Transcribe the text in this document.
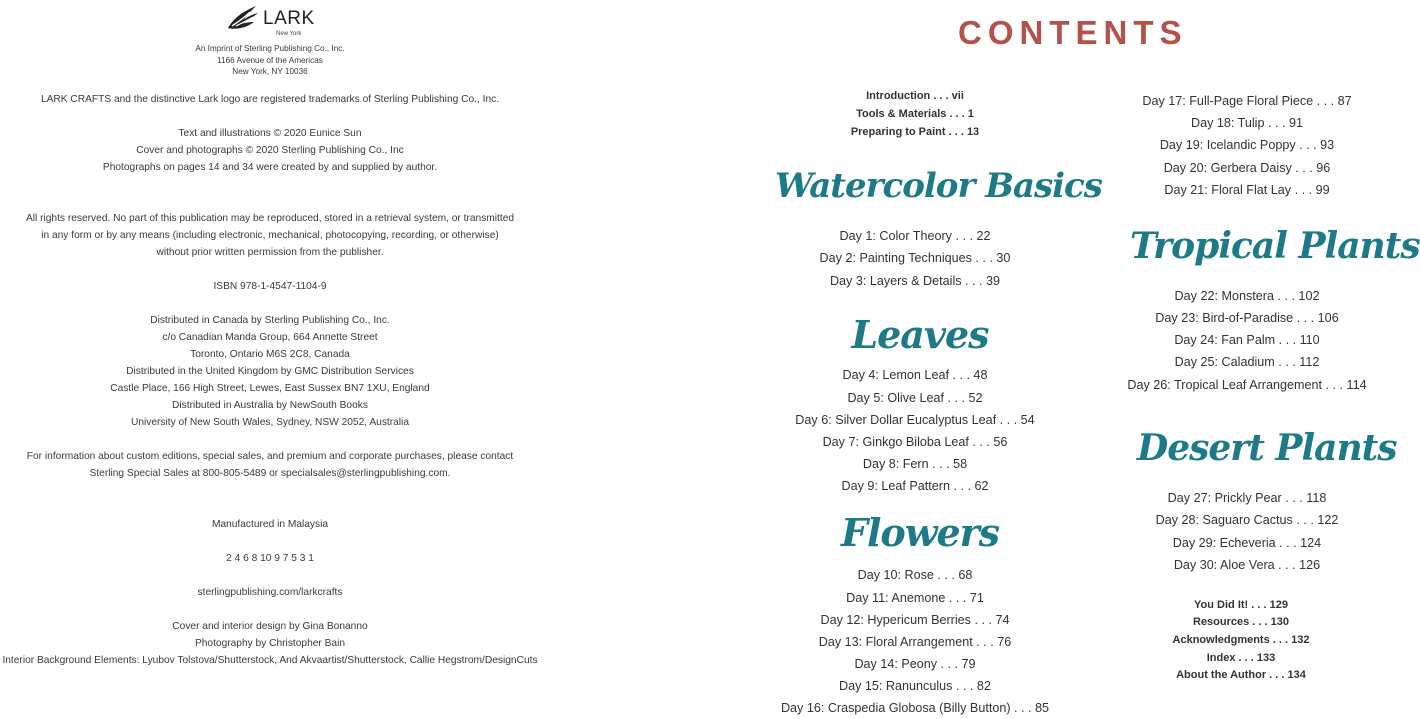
LARK
New York
An Imprint of Sterling Publishing Co., Inc.
1166 Avenue of the Americas
New York, NY 10036
LARK CRAFTS and the distinctive Lark logo are registered trademarks of Sterling Publishing Co., Inc.
Text and illustrations © 2020 Eunice Sun
Cover and photographs © 2020 Sterling Publishing Co., Inc
Photographs on pages 14 and 34 were created by and supplied by author.
All rights reserved. No part of this publication may be reproduced, stored in a retrieval system, or transmitted
in any form or by any means (including electronic, mechanical, photocopying, recording, or otherwise)
without prior written permission from the publisher.
ISBN 978-1-4547-1104-9
Distributed in Canada by Sterling Publishing Co., Inc.
c/o Canadian Manda Group, 664 Annette Street
Toronto, Ontario M6S 2C8, Canada
Distributed in the United Kingdom by GMC Distribution Services
Castle Place, 166 High Street, Lewes, East Sussex BN7 1XU, England
Distributed in Australia by NewSouth Books
University of New South Wales, Sydney, NSW 2052, Australia
For information about custom editions, special sales, and premium and corporate purchases, please contact
Sterling Special Sales at 800-805-5489 or specialsales@sterlingpublishing.com.
Manufactured in Malaysia
2 4 6 8 10 9 7 5 3 1
sterlingpublishing.com/larkcrafts
Cover and interior design by Gina Bonanno
Photography by Christopher Bain
Interior Background Elements: Lyubov Tolstova/Shutterstock, And Akvaartist/Shutterstock, Callie Hegstrom/DesignCuts
CONTENTS
Introduction . . . vii
Tools & Materials . . . 1
Preparing to Paint . . . 13
Watercolor Basics
Day 1: Color Theory . . . 22
Day 2: Painting Techniques . . . 30
Day 3: Layers & Details . . . 39
Leaves
Day 4: Lemon Leaf . . . 48
Day 5: Olive Leaf . . . 52
Day 6: Silver Dollar Eucalyptus Leaf . . . 54
Day 7: Ginkgo Biloba Leaf . . . 56
Day 8: Fern . . . 58
Day 9: Leaf Pattern . . . 62
Flowers
Day 10: Rose . . . 68
Day 11: Anemone . . . 71
Day 12: Hypericum Berries . . . 74
Day 13: Floral Arrangement . . . 76
Day 14: Peony . . . 79
Day 15: Ranunculus . . . 82
Day 16: Craspedia Globosa (Billy Button) . . . 85
Day 17: Full-Page Floral Piece . . . 87
Day 18: Tulip . . . 91
Day 19: Icelandic Poppy . . . 93
Day 20: Gerbera Daisy . . . 96
Day 21: Floral Flat Lay . . . 99
Tropical Plants
Day 22: Monstera . . . 102
Day 23: Bird-of-Paradise . . . 106
Day 24: Fan Palm . . . 110
Day 25: Caladium . . . 112
Day 26: Tropical Leaf Arrangement . . . 114
Desert Plants
Day 27: Prickly Pear . . . 118
Day 28: Saguaro Cactus . . . 122
Day 29: Echeveria . . . 124
Day 30: Aloe Vera . . . 126
You Did It! . . . 129
Resources . . . 130
Acknowledgments . . . 132
Index . . . 133
About the Author . . . 134
